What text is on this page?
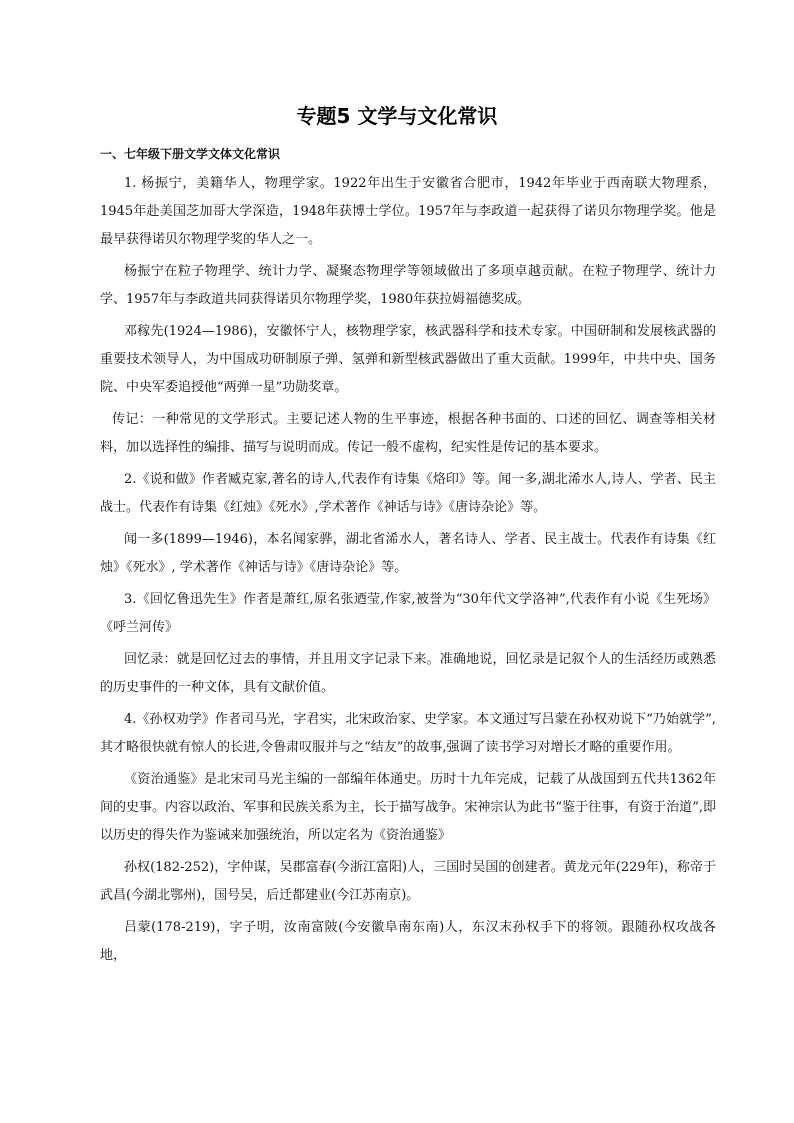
专题5 文学与文化常识

一、七年级下册文学文体文化常识

1. 杨振宁，美籍华人，物理学家。1922年出生于安徽省合肥市，1942年毕业于西南联大物理系，1945年赴美国芝加哥大学深造，1948年获博士学位。1957年与李政道一起获得了诺贝尔物理学奖。他是最早获得诺贝尔物理学奖的华人之一。

杨振宁在粒子物理学、统计力学、凝聚态物理学等领域做出了多项卓越贡献。在粒子物理学、统计力学、1957年与李政道共同获得诺贝尔物理学奖，1980年获拉姆福德奖成。

邓稼先(1924—1986)，安徽怀宁人，核物理学家，核武器科学和技术专家。中国研制和发展核武器的重要技术领导人，为中国成功研制原子弹、氢弹和新型核武器做出了重大贡献。1999年，中共中央、国务院、中央军委追授他“两弹一星”功勋奖章。

传记：一种常见的文学形式。主要记述人物的生平事迹，根据各种书面的、口述的回忆、调查等相关材料，加以选择性的编排、描写与说明而成。传记一般不虚构，纪实性是传记的基本要求。

2.《说和做》作者臧克家,著名的诗人,代表作有诗集《烙印》等。闻一多,湖北浠水人,诗人、学者、民主战士。代表作有诗集《红烛》《死水》,学术著作《神话与诗》《唐诗杂论》等。

闻一多(1899—1946)，本名闻家骅，湖北省浠水人，著名诗人、学者、民主战士。代表作有诗集《红烛》《死水》, 学术著作《神话与诗》《唐诗杂论》等。

3.《回忆鲁迅先生》作者是萧红,原名张迺莹,作家,被誉为“30年代文学洛神”,代表作有小说《生死场》《呼兰河传》

回忆录：就是回忆过去的事情，并且用文字记录下来。准确地说，回忆录是记叙个人的生活经历或熟悉的历史事件的一种文体，具有文献价值。

4.《孙权劝学》作者司马光，字君实，北宋政治家、史学家。本文通过写吕蒙在孙权劝说下“乃始就学”,其才略很快就有惊人的长进,令鲁肃叹服并与之“结友”的故事,强调了读书学习对增长才略的重要作用。

《资治通鉴》是北宋司马光主编的一部编年体通史。历时十九年完成，记载了从战国到五代共1362年间的史事。内容以政治、军事和民族关系为主，长于描写战争。宋神宗认为此书“鉴于往事，有资于治道”,即以历史的得失作为鉴诫来加强统治，所以定名为《资治通鉴》

孙权(182-252)，字仲谋，吴郡富春(今浙江富阳)人，三国时吴国的创建者。黄龙元年(229年)，称帝于武昌(今湖北鄂州)，国号吴，后迁都建业(今江苏南京)。

吕蒙(178-219)，字子明，汝南富陂(今安徽阜南东南)人，东汉末孙权手下的将领。跟随孙权攻战各地，
